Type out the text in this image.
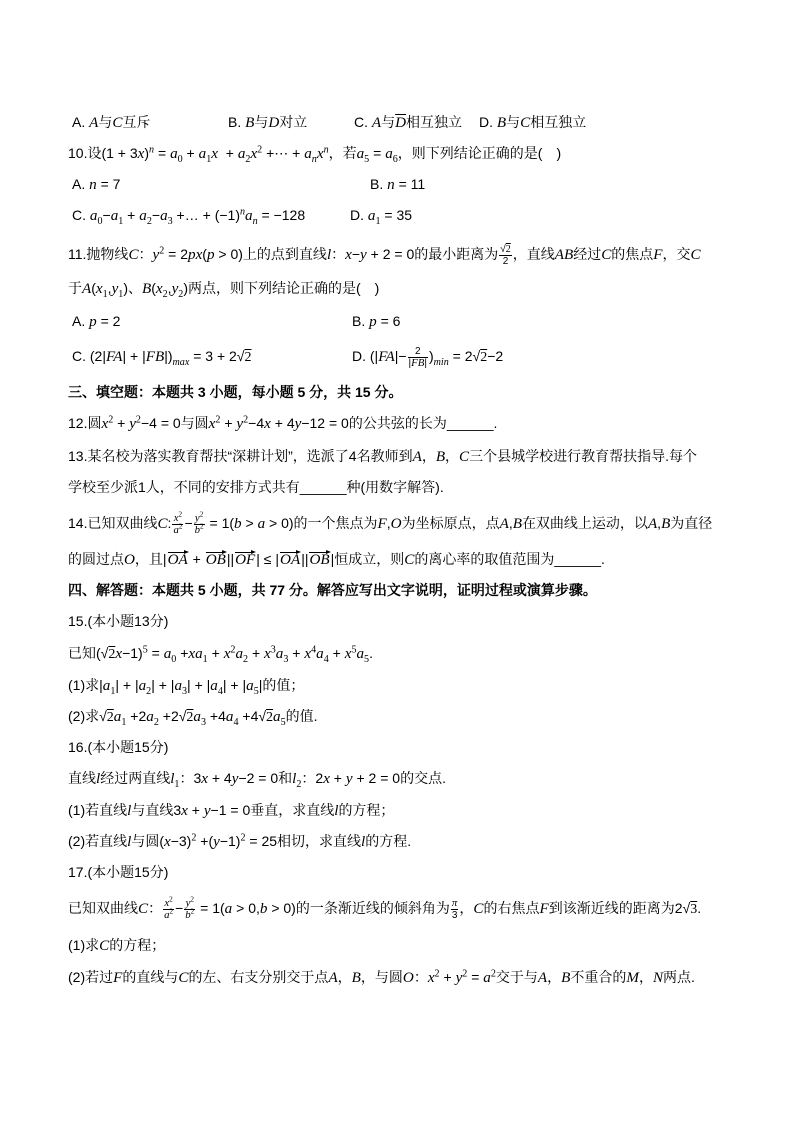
A. A与C互斥	B. B与D对立	C. A与$\overline{D}$相互独立 D. B与C相互独立
10.设$(1 + 3x)^n = a_0 + a_1x + a_2x^2$ +⋯ + $a_nx^n$，若$a_5 = a_6$，则下列结论正确的是(　)
A. n = 7	B. n = 11
C. $a_0-a_1 + a_2-a_3$ +… + $(-1)^na_n = -128$	D. $a_1 = 35$
11.抛物线C：$y^2 = 2px(p > 0)$上的点到直线l：x−y + 2 = 0的最小距离为 $\frac{√2}{2}$ ，直线AB经过C的焦点F，交C
于$A(x_1,y_1)$、$B(x_2,y_2)$两点，则下列结论正确的是(　)
A. p = 2	B. p = 6
C. $(2|FA| + |FB|)_{max} = 3 + 2√2$	D. $(|FA|- \frac{2}{|FB|} )_{min} = 2√2-2$
三、填空题：本题共 3 小题，每小题 5 分，共 15 分。
12.圆$x^2 + y^2-4 = 0$与圆$x^2 + y^2-4x + 4y-12 = 0$的公共弦的长为______.
13.某名校为落实教育帮扶“深耕计划”，选派了4名教师到A，B，C三个县城学校进行教育帮扶指导.每个
学校至少派1人，不同的安排方式共有______种(用数字解答).
14.已知双曲线C: $\frac{x^2}{a^2} - \frac{y^2}{b^2} = 1(b > a > 0)$的一个焦点为F,O为坐标原点，点A,B在双曲线上运动，以A,B为直径
的圆过点O，且|OA + OB||OF| ≤ |OA||OB|恒成立，则C的离心率的取值范围为______.
四、解答题：本题共 5 小题，共 77 分。解答应写出文字说明，证明过程或演算步骤。
15.(本小题13分)
已知$(√2x-1)^5 = a_0 +xa_1 + x^2a_2 + x^3a_3 + x^4a_4 + x^5a_5$.
(1)求$|a_1| + |a_2| + |a_3| + |a_4| + |a_5|$的值；
(2)求$√2a_1 +2a_2 +2√2a_3 +4a_4 +4√2a_5$的值.
16.(本小题15分)
直线l经过两直线$l_1$：3x + 4y−2 = 0和$l_2$：2x + y + 2 = 0的交点.
(1)若直线l与直线3x + y−1 = 0垂直，求直线l的方程；
(2)若直线l与圆$(x-3)^2 +(y-1)^2 = 25$相切，求直线l的方程.
17.(本小题15分)
已知双曲线C： $\frac{x^2}{a^2} - \frac{y^2}{b^2} = 1(a > 0,b > 0)$的一条渐近线的倾斜角为 $\frac{\pi}{3}$ ，C的右焦点F到该渐近线的距离为2√3.
(1)求C的方程；
(2)若过F的直线与C的左、右支分别交于点A，B，与圆O：$x^2 + y^2 = a^2$交于与A，B不重合的M，N两点.
